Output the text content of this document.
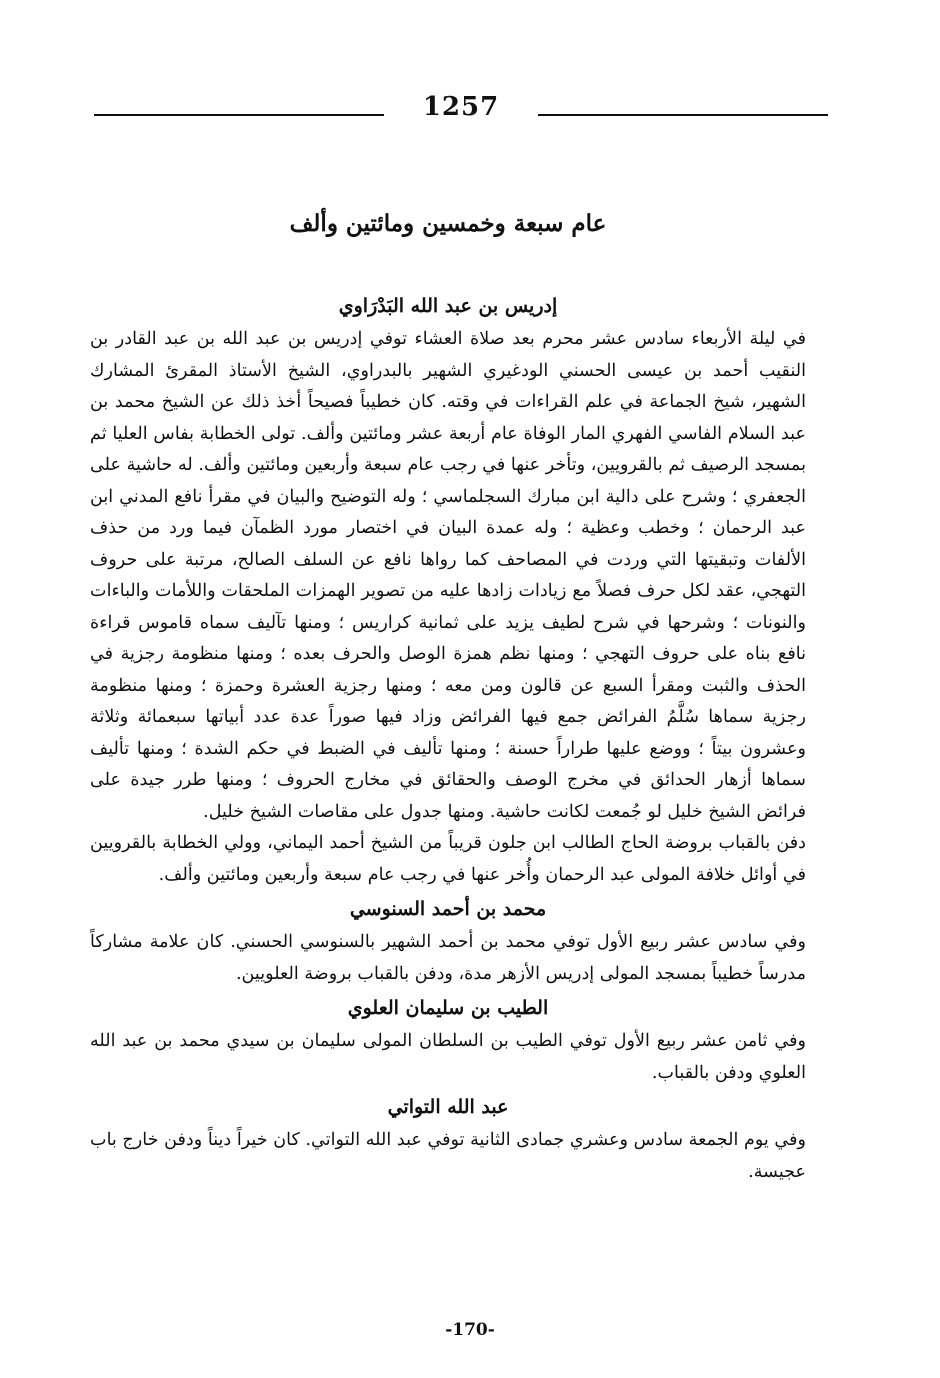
1257
عام سبعة وخمسين ومائتين وألف
إدريس بن عبد الله البَدْرَاوي

في ليلة الأربعاء سادس عشر محرم بعد صلاة العشاء توفي إدريس بن عبد الله بن عبد القادر بن النقيب أحمد بن عيسى الحسني الودغيري الشهير بالبدراوي، الشيخ الأستاذ المقرئ المشارك الشهير، شيخ الجماعة في علم القراءات في وقته. كان خطيباً فصيحاً أخذ ذلك عن الشيخ محمد بن عبد السلام الفاسي الفهري المار الوفاة عام أربعة عشر ومائتين وألف. تولى الخطابة بفاس العليا ثم بمسجد الرصيف ثم بالقرويين، وتأخر عنها في رجب عام سبعة وأربعين ومائتين وألف. له حاشية على الجعفري ؛ وشرح على دالية ابن مبارك السجلماسي ؛ وله التوضيح والبيان في مقرأ نافع المدني ابن عبد الرحمان ؛ وخطب وعظية ؛ وله عمدة البيان في اختصار مورد الظمآن فيما ورد من حذف الألفات وتبقيتها التي وردت في المصاحف كما رواها نافع عن السلف الصالح، مرتبة على حروف التهجي، عقد لكل حرف فصلاً مع زيادات زادها عليه من تصوير الهمزات الملحقات واللأمات والباءات والنونات ؛ وشرحها في شرح لطيف يزيد على ثمانية كراريس ؛ ومنها تآليف سماه قاموس قراءة نافع بناه على حروف التهجي ؛ ومنها نظم همزة الوصل والحرف بعده ؛ ومنها منظومة رجزية في الحذف والثبت ومقرأ السبع عن قالون ومن معه ؛ ومنها رجزية العشرة وحمزة ؛ ومنها منظومة رجزية سماها سُلَّمُ الفرائض جمع فيها الفرائض وزاد فيها صوراً عدة عدد أبياتها سبعمائة وثلاثة وعشرون بيتاً ؛ ووضع عليها طراراً حسنة ؛ ومنها تأليف في الضبط في حكم الشدة ؛ ومنها تأليف سماها أزهار الحدائق في مخرج الوصف والحقائق في مخارج الحروف ؛ ومنها طرر جيدة على فرائض الشيخ خليل لو جُمعت لكانت حاشية. ومنها جدول على مقاصات الشيخ خليل.

دفن بالقباب بروضة الحاج الطالب ابن جلون قريباً من الشيخ أحمد اليماني، وولي الخطابة بالقرويين في أوائل خلافة المولى عبد الرحمان وأُخر عنها في رجب عام سبعة وأربعين ومائتين وألف.

محمد بن أحمد السنوسي

وفي سادس عشر ربيع الأول توفي محمد بن أحمد الشهير بالسنوسي الحسني. كان علامة مشاركاً مدرساً خطيباً بمسجد المولى إدريس الأزهر مدة، ودفن بالقباب بروضة العلويين.

الطيب بن سليمان العلوي

وفي ثامن عشر ربيع الأول توفي الطيب بن السلطان المولى سليمان بن سيدي محمد بن عبد الله العلوي ودفن بالقباب.

عبد الله التواتي

وفي يوم الجمعة سادس وعشري جمادى الثانية توفي عبد الله التواتي. كان خيراً ديناً ودفن خارج باب عجيسة.

-170-
